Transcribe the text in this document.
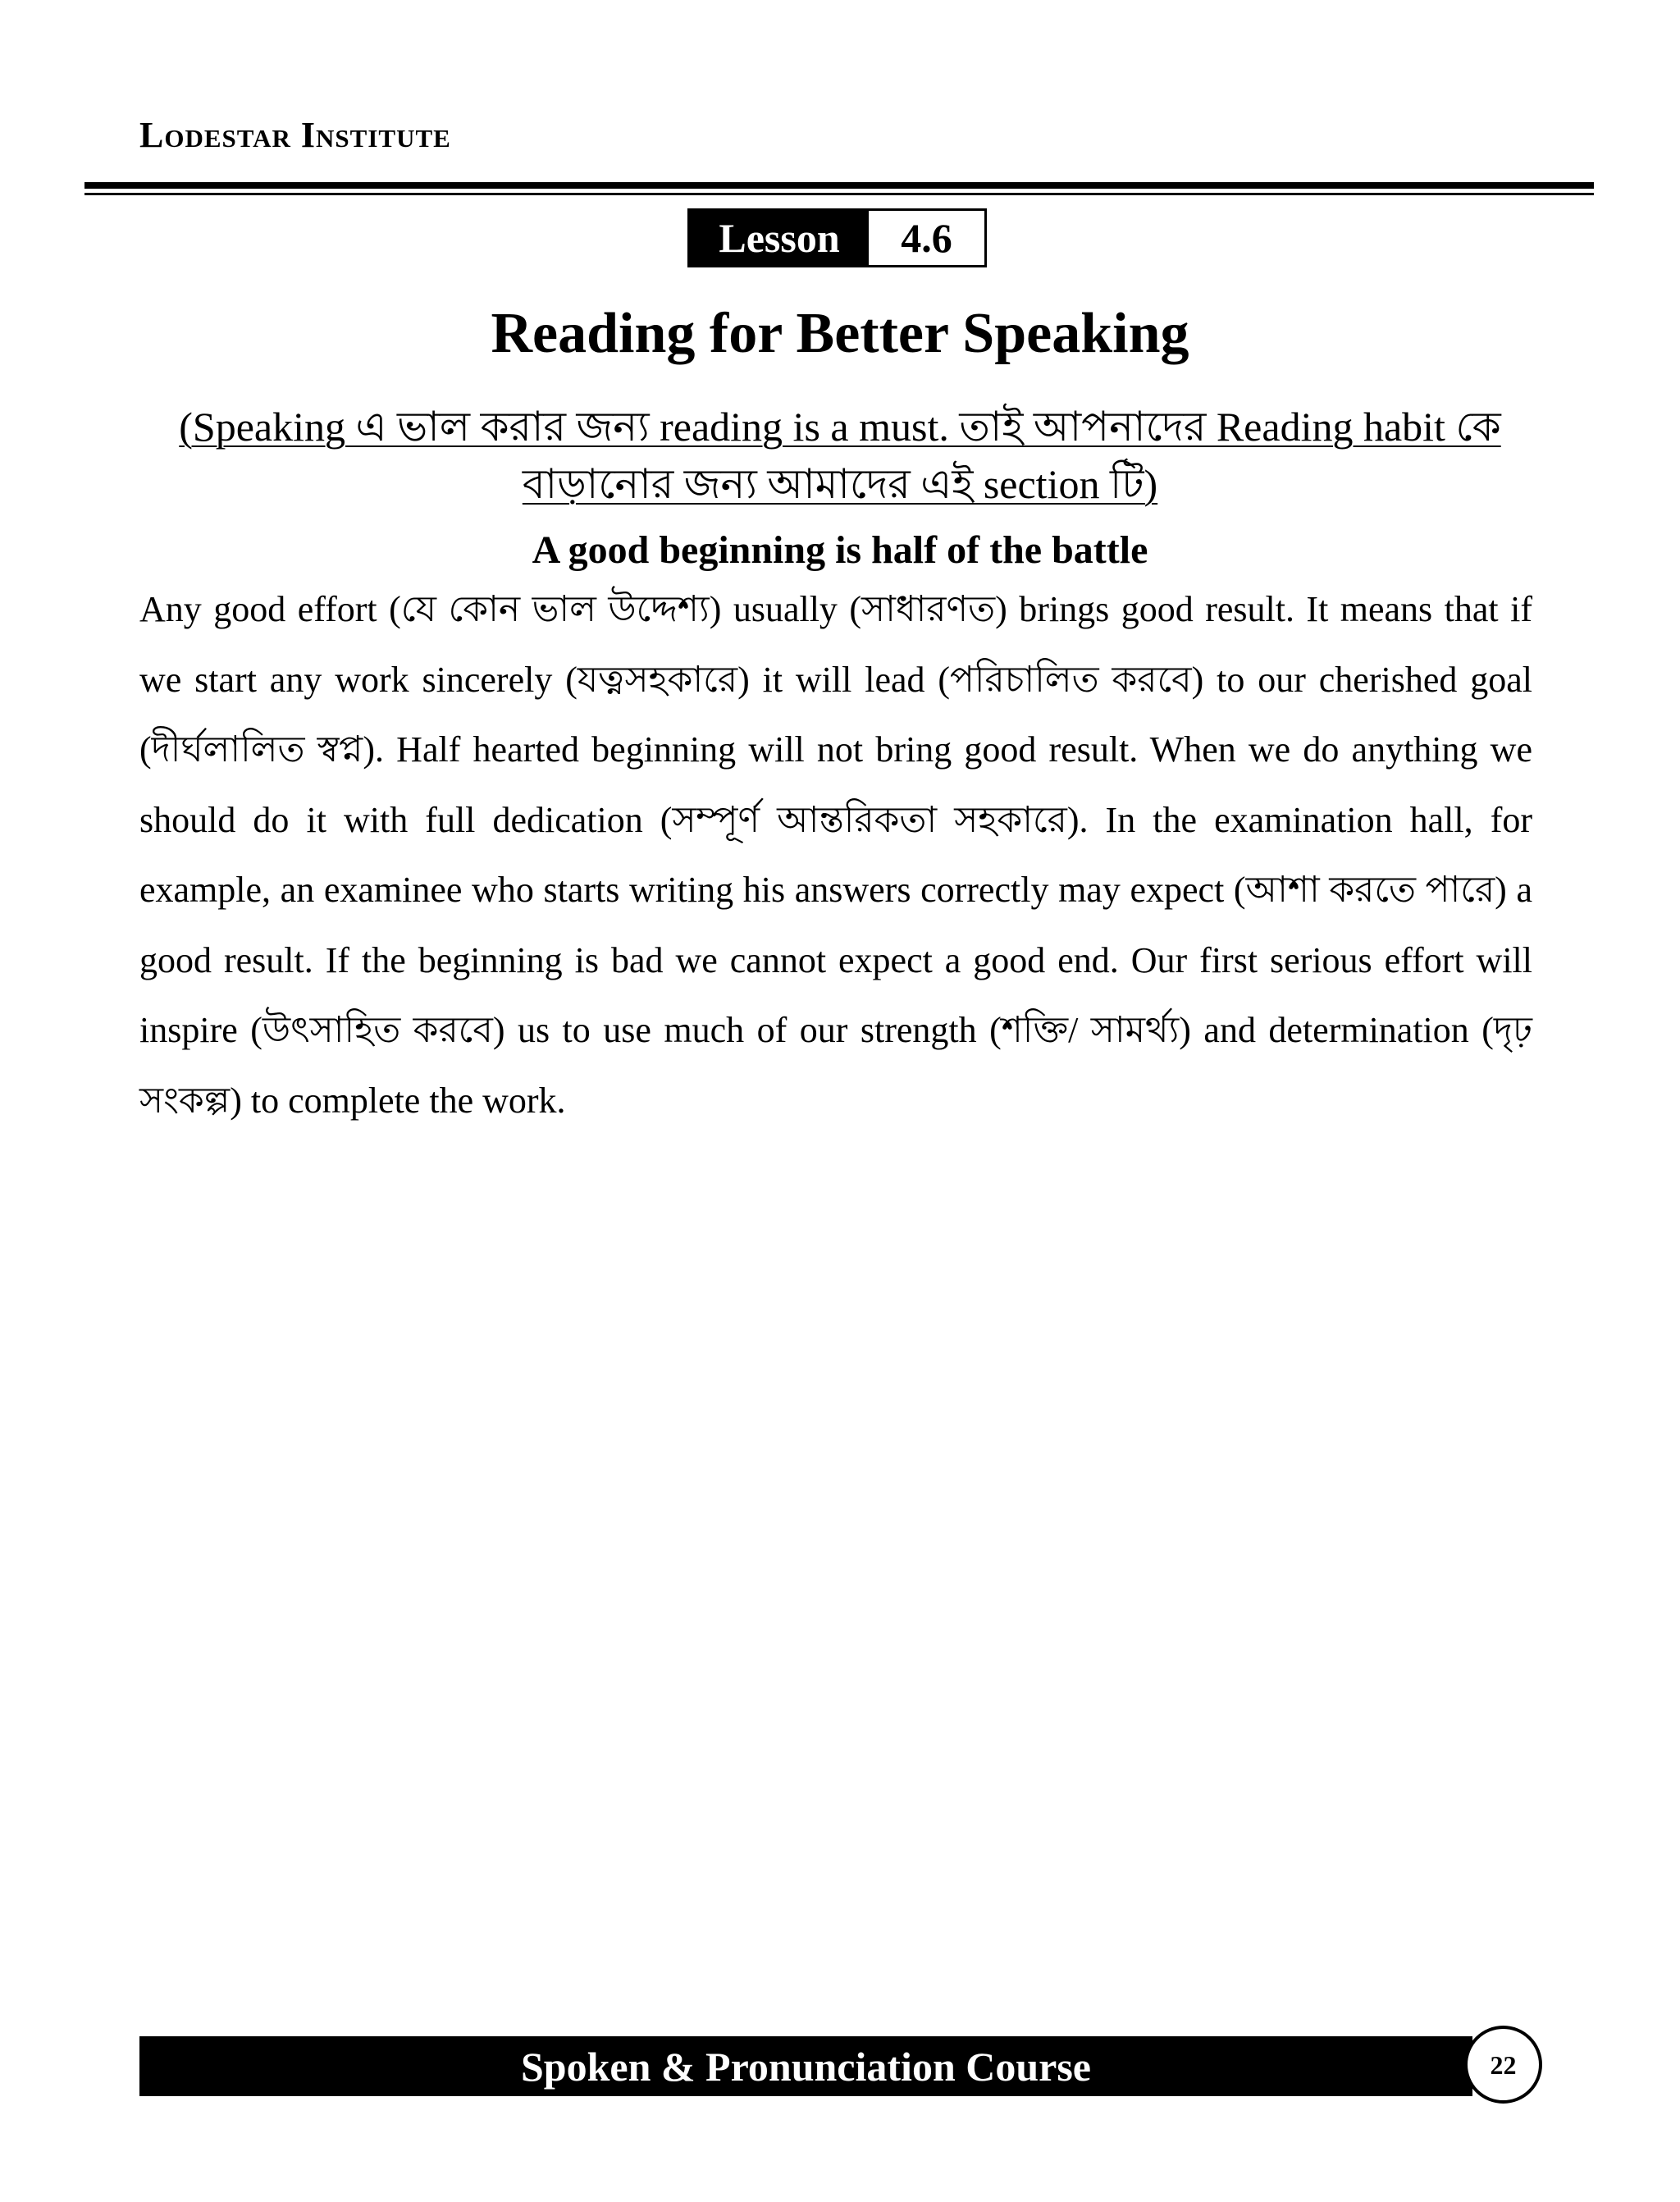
Lodestar Institute
Lesson	4.6
Reading for Better Speaking
(Speaking এ ভাল করার জন্য reading is a must. তাই আপনাদের Reading habit কে বাড়ানোর জন্য আমাদের এই section টি)
A good beginning is half of the battle

Any good effort (যে কোন ভাল উদ্দেশ্য) usually (সাধারণত) brings good result. It means that if we start any work sincerely (যত্নসহকারে) it will lead (পরিচালিত করবে) to our cherished goal (দীর্ঘলালিত স্বপ্ন). Half hearted beginning will not bring good result. When we do anything we should do it with full dedication (সম্পূর্ণ আন্তরিকতা সহকারে). In the examination hall, for example, an examinee who starts writing his answers correctly may expect (আশা করতে পারে) a good result. If the beginning is bad we cannot expect a good end. Our first serious effort will inspire (উৎসাহিত করবে) us to use much of our strength (শক্তি/ সামর্থ্য) and determination (দৃঢ় সংকল্প) to complete the work.

Spoken & Pronunciation Course	22
